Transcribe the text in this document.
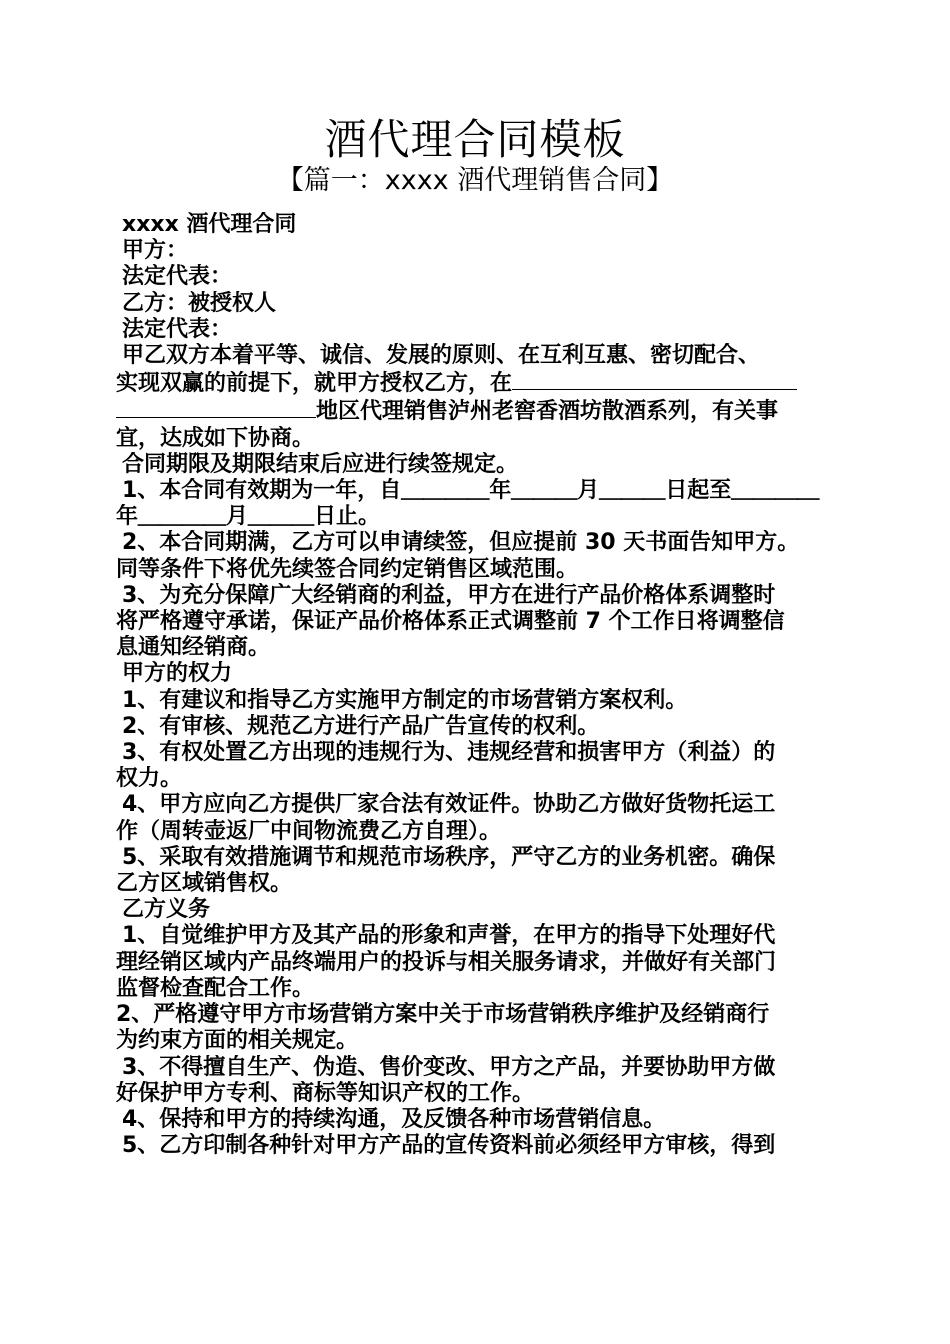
酒代理合同模板
【篇一：xxxx 酒代理销售合同】

xxxx 酒代理合同

甲方：

法定代表：

乙方：被授权人

法定代表：

甲乙双方本着平等、诚信、发展的原则、在互利互惠、密切配合、

实现双赢的前提下，就甲方授权乙方，在

地区代理销售泸州老窖香酒坊散酒系列，有关事

宜，达成如下协商。

合同期限及期限结束后应进行续签规定。

1、本合同有效期为一年，自＿＿＿＿年＿＿＿月＿＿＿日起至＿＿＿＿

年＿＿＿＿月＿＿＿日止。

2、本合同期满，乙方可以申请续签，但应提前 30 天书面告知甲方。

同等条件下将优先续签合同约定销售区域范围。

3、为充分保障广大经销商的利益，甲方在进行产品价格体系调整时

将严格遵守承诺，保证产品价格体系正式调整前 7 个工作日将调整信

息通知经销商。

甲方的权力

1、有建议和指导乙方实施甲方制定的市场营销方案权利。

2、有审核、规范乙方进行产品广告宣传的权利。

3、有权处置乙方出现的违规行为、违规经营和损害甲方（利益）的

权力。

4、甲方应向乙方提供厂家合法有效证件。协助乙方做好货物托运工

作（周转壶返厂中间物流费乙方自理）。

5、采取有效措施调节和规范市场秩序，严守乙方的业务机密。确保

乙方区域销售权。

乙方义务

1、自觉维护甲方及其产品的形象和声誉，在甲方的指导下处理好代

理经销区域内产品终端用户的投诉与相关服务请求，并做好有关部门

监督检查配合工作。

2、严格遵守甲方市场营销方案中关于市场营销秩序维护及经销商行

为约束方面的相关规定。

3、不得擅自生产、伪造、售价变改、甲方之产品，并要协助甲方做

好保护甲方专利、商标等知识产权的工作。

4、保持和甲方的持续沟通，及反馈各种市场营销信息。

5、乙方印制各种针对甲方产品的宣传资料前必须经甲方审核，得到
